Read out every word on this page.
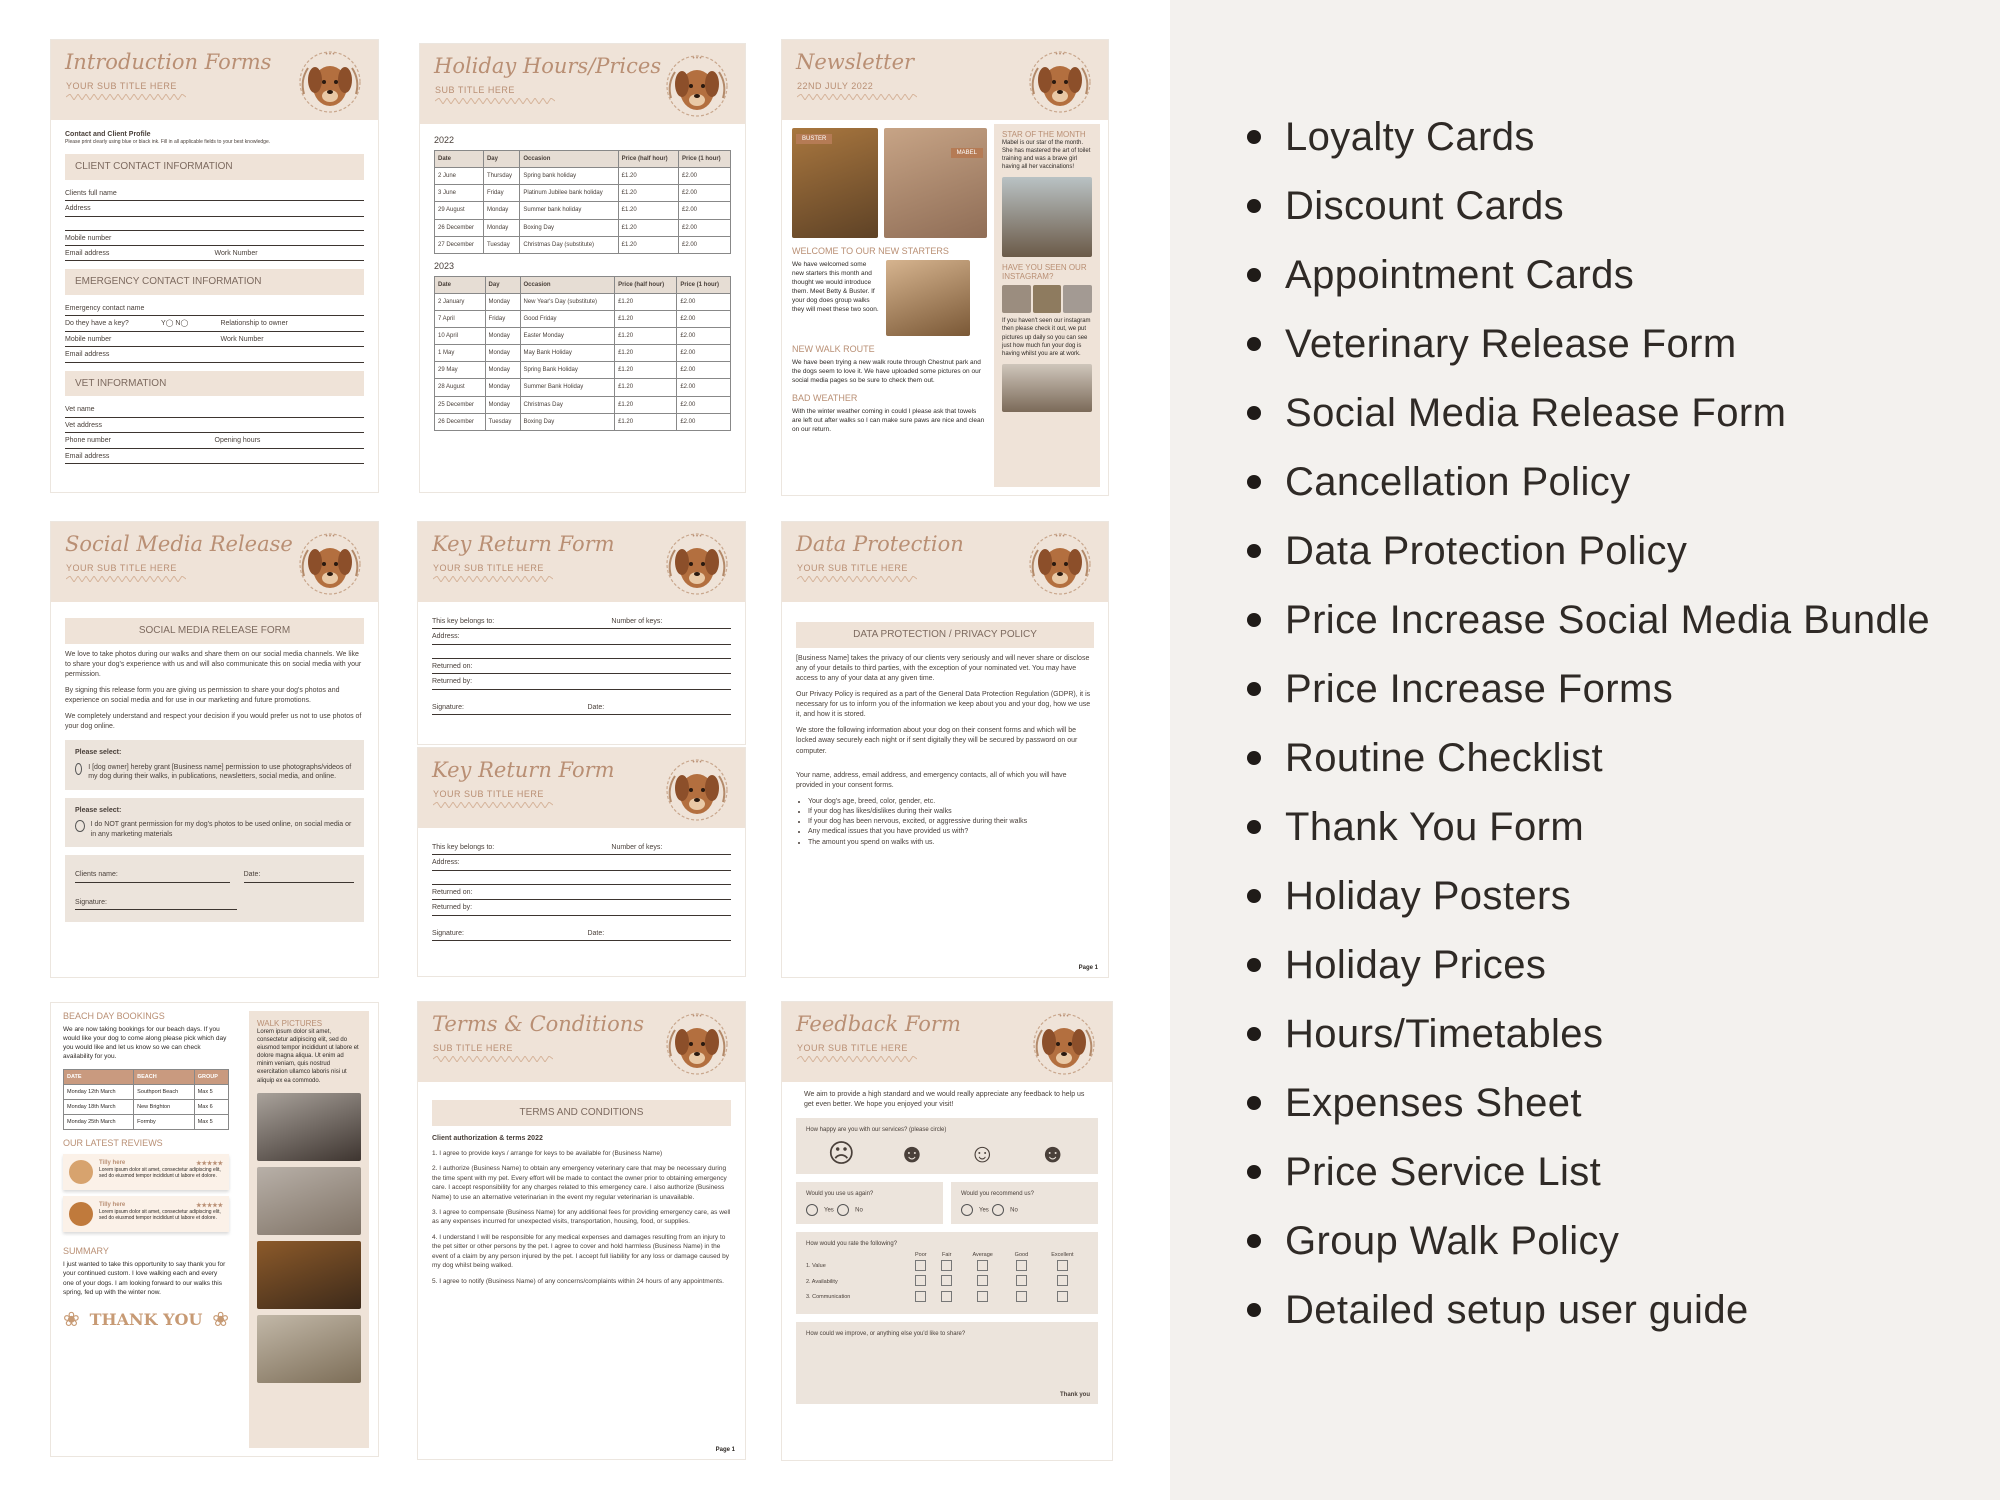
Introduction Forms
YOUR SUB TITLE HERE
Contact and Client Profile
Please print clearly using blue or black ink. Fill in all applicable fields to your best knowledge.
CLIENT CONTACT INFORMATION
Clients full name
Address
Mobile number
Email address	Work Number
EMERGENCY CONTACT INFORMATION
Emergency contact name
Do they have a key?	Y◯ N◯	Relationship to owner
Mobile number	Work Number
Email address
VET INFORMATION
Vet name
Vet address
Phone number	Opening hours
Email address
Holiday Hours/Prices
SUB TITLE HERE
2022
Date	Day	Occasion	Price (half hour)	Price (1 hour)
2 June	Thursday	Spring bank holiday	£1.20	£2.00
3 June	Friday	Platinum Jubilee bank holiday	£1.20	£2.00
29 August	Monday	Summer bank holiday	£1.20	£2.00
26 December	Monday	Boxing Day	£1.20	£2.00
27 December	Tuesday	Christmas Day (substitute)	£1.20	£2.00
2023
Date	Day	Occasion	Price (half hour)	Price (1 hour)
2 January	Monday	New Year's Day (substitute)	£1.20	£2.00
7 April	Friday	Good Friday	£1.20	£2.00
10 April	Monday	Easter Monday	£1.20	£2.00
1 May	Monday	May Bank Holiday	£1.20	£2.00
29 May	Monday	Spring Bank Holiday	£1.20	£2.00
28 August	Monday	Summer Bank Holiday	£1.20	£2.00
25 December	Monday	Christmas Day	£1.20	£2.00
26 December	Tuesday	Boxing Day	£1.20	£2.00
Newsletter
22ND JULY 2022
BUSTER
MABEL
WELCOME TO OUR NEW STARTERS
We have welcomed some new starters this month and thought we would introduce them. Meet Betty & Buster. If your dog does group walks they will meet these two soon.
NEW WALK ROUTE
We have been trying a new walk route through Chestnut park and the dogs seem to love it. We have uploaded some pictures on our social media pages so be sure to check them out.
BAD WEATHER
With the winter weather coming in could I please ask that towels are left out after walks so I can make sure paws are nice and clean on our return.
STAR OF THE MONTH
Mabel is our star of the month. She has mastered the art of toilet training and was a brave girl having all her vaccinations!
HAVE YOU SEEN OUR INSTAGRAM?
If you haven't seen our instagram then please check it out, we put pictures up daily so you can see just how much fun your dog is having whilst you are at work.
Social Media Release
YOUR SUB TITLE HERE
SOCIAL MEDIA RELEASE FORM
We love to take photos during our walks and share them on our social media channels. We like to share your dog's experience with us and will also communicate this on social media with your permission.
By signing this release form you are giving us permission to share your dog's photos and experience on social media and for use in our marketing and future promotions.
We completely understand and respect your decision if you would prefer us not to use photos of your dog online.
Please select:
I [dog owner] hereby grant [Business name] permission to use photographs/videos of my dog during their walks, in publications, newsletters, social media, and online.
Please select:
I do NOT grant permission for my dog's photos to be used online, on social media or in any marketing materials
Clients name:	Date:
Signature:
Key Return Form
YOUR SUB TITLE HERE
This key belongs to:	Number of keys:
Address:
Returned on:
Returned by:
Signature:	Date:
Key Return Form
YOUR SUB TITLE HERE
This key belongs to:	Number of keys:
Address:
Returned on:
Returned by:
Signature:	Date:
Data Protection
YOUR SUB TITLE HERE
DATA PROTECTION / PRIVACY POLICY
[Business Name] takes the privacy of our clients very seriously and will never share or disclose any of your details to third parties, with the exception of your nominated vet. You may have access to any of your data at any given time.
Our Privacy Policy is required as a part of the General Data Protection Regulation (GDPR), it is necessary for us to inform you of the information we keep about you and your dog, how we use it, and how it is stored.
We store the following information about your dog on their consent forms and which will be locked away securely each night or if sent digitally they will be secured by password on our computer.
Your name, address, email address, and emergency contacts, all of which you will have provided in your consent forms.
• Your dog's age, breed, color, gender, etc.
• If your dog has likes/dislikes during their walks
• If your dog has been nervous, excited, or aggressive during their walks
• Any medical issues that you have provided us with?
• The amount you spend on walks with us.
Page 1
BEACH DAY BOOKINGS
We are now taking bookings for our beach days. If you would like your dog to come along please pick which day you would like and let us know so we can check availability for you.
DATE	BEACH	GROUP
Monday 12th March	Southport Beach	Max 5
Monday 18th March	New Brighton	Max 6
Monday 25th March	Formby	Max 5
OUR LATEST REVIEWS
Tilly here	★★★★★
Lorem ipsum dolor sit amet, consectetur adipiscing elit, sed do eiusmod tempor incididunt ut labore et dolore.
Tilly here	★★★★★
Lorem ipsum dolor sit amet, consectetur adipiscing elit, sed do eiusmod tempor incididunt ut labore et dolore.
SUMMARY
I just wanted to take this opportunity to say thank you for your continued custom. I love walking each and every one of your dogs. I am looking forward to our walks this spring, fed up with the winter now.
❀ THANK YOU ❀
WALK PICTURES
Lorem ipsum dolor sit amet, consectetur adipiscing elit, sed do eiusmod tempor incididunt ut labore et dolore magna aliqua. Ut enim ad minim veniam, quis nostrud exercitation ullamco laboris nisi ut aliquip ex ea commodo.
Terms & Conditions
SUB TITLE HERE
TERMS AND CONDITIONS
Client authorization & terms 2022
1. I agree to provide keys / arrange for keys to be available for (Business Name)
2. I authorize (Business Name) to obtain any emergency veterinary care that may be necessary during the time spent with my pet. Every effort will be made to contact the owner prior to obtaining emergency care. I accept responsibility for any charges related to this emergency care. I also authorize (Business Name) to use an alternative veterinarian in the event my regular veterinarian is unavailable.
3. I agree to compensate (Business Name) for any additional fees for providing emergency care, as well as any expenses incurred for unexpected visits, transportation, housing, food, or supplies.
4. I understand I will be responsible for any medical expenses and damages resulting from an injury to the pet sitter or other persons by the pet. I agree to cover and hold harmless (Business Name) in the event of a claim by any person injured by the pet. I accept full liability for any loss or damage caused by my dog whilst being walked.
5. I agree to notify (Business Name) of any concerns/complaints within 24 hours of any appointments.
Page 1
Feedback Form
YOUR SUB TITLE HERE
We aim to provide a high standard and we would really appreciate any feedback to help us get even better. We hope you enjoyed your visit!
How happy are you with our services? (please circle)
☹ ☻ ☺ ☻
Would you use us again?
Yes	No
Would you recommend us?
Yes	No
How would you rate the following?
	Poor	Fair	Average	Good	Excellent
1. Value					
2. Availability					
3. Communication					
How could we improve, or anything else you'd like to share?
Thank you
Loyalty Cards
Discount Cards
Appointment Cards
Veterinary Release Form
Social Media Release Form
Cancellation Policy
Data Protection Policy
Price Increase Social Media Bundle
Price Increase Forms
Routine Checklist
Thank You Form
Holiday Posters
Holiday Prices
Hours/Timetables
Expenses Sheet
Price Service List
Group Walk Policy
Detailed setup user guide
